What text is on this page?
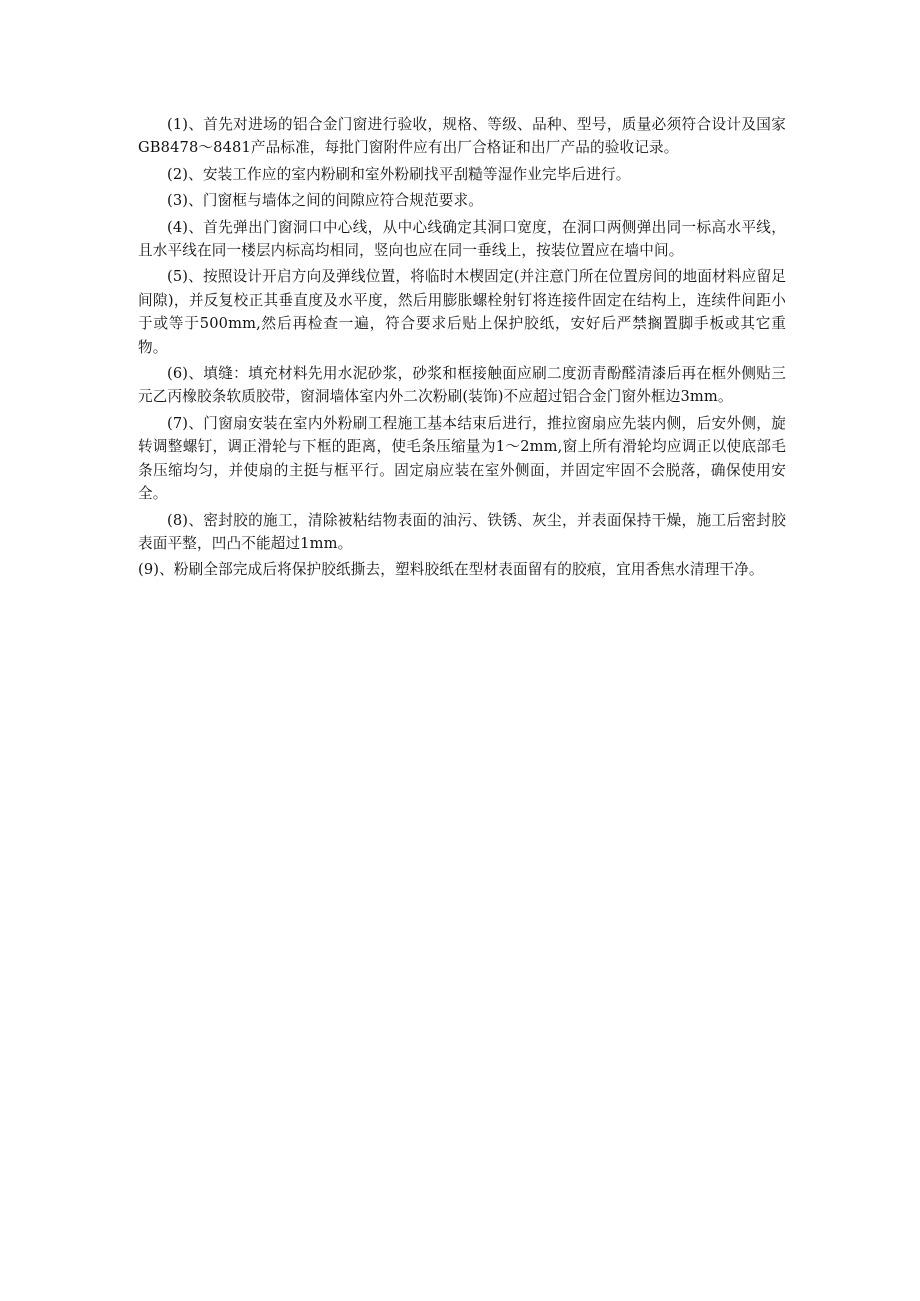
(1)、首先对进场的铝合金门窗进行验收，规格、等级、品种、型号，质量必须符合设计及国家GB8478～8481产品标准，每批门窗附件应有出厂合格证和出厂产品的验收记录。

(2)、安装工作应的室内粉刷和室外粉刷找平刮糙等湿作业完毕后进行。

(3)、门窗框与墙体之间的间隙应符合规范要求。

(4)、首先弹出门窗洞口中心线，从中心线确定其洞口宽度，在洞口两侧弹出同一标高水平线，且水平线在同一楼层内标高均相同，竖向也应在同一垂线上，按装位置应在墙中间。

(5)、按照设计开启方向及弹线位置，将临时木楔固定(并注意门所在位置房间的地面材料应留足间隙)，并反复校正其垂直度及水平度，然后用膨胀螺栓射钉将连接件固定在结构上，连续件间距小于或等于500mm,然后再检查一遍，符合要求后贴上保护胶纸，安好后严禁搁置脚手板或其它重物。

(6)、填缝：填充材料先用水泥砂浆，砂浆和框接触面应刷二度沥青酚醛清漆后再在框外侧贴三元乙丙橡胶条软质胶带，窗洞墙体室内外二次粉刷(装饰)不应超过铝合金门窗外框边3mm。

(7)、门窗扇安装在室内外粉刷工程施工基本结束后进行，推拉窗扇应先装内侧，后安外侧，旋转调整螺钉，调正滑轮与下框的距离，使毛条压缩量为1～2mm,窗上所有滑轮均应调正以使底部毛条压缩均匀，并使扇的主挺与框平行。固定扇应装在室外侧面，并固定牢固不会脱落，确保使用安全。

(8)、密封胶的施工，清除被粘结物表面的油污、铁锈、灰尘，并表面保持干燥，施工后密封胶表面平整，凹凸不能超过1mm。

(9)、粉刷全部完成后将保护胶纸撕去，塑料胶纸在型材表面留有的胶痕，宜用香焦水清理干净。
